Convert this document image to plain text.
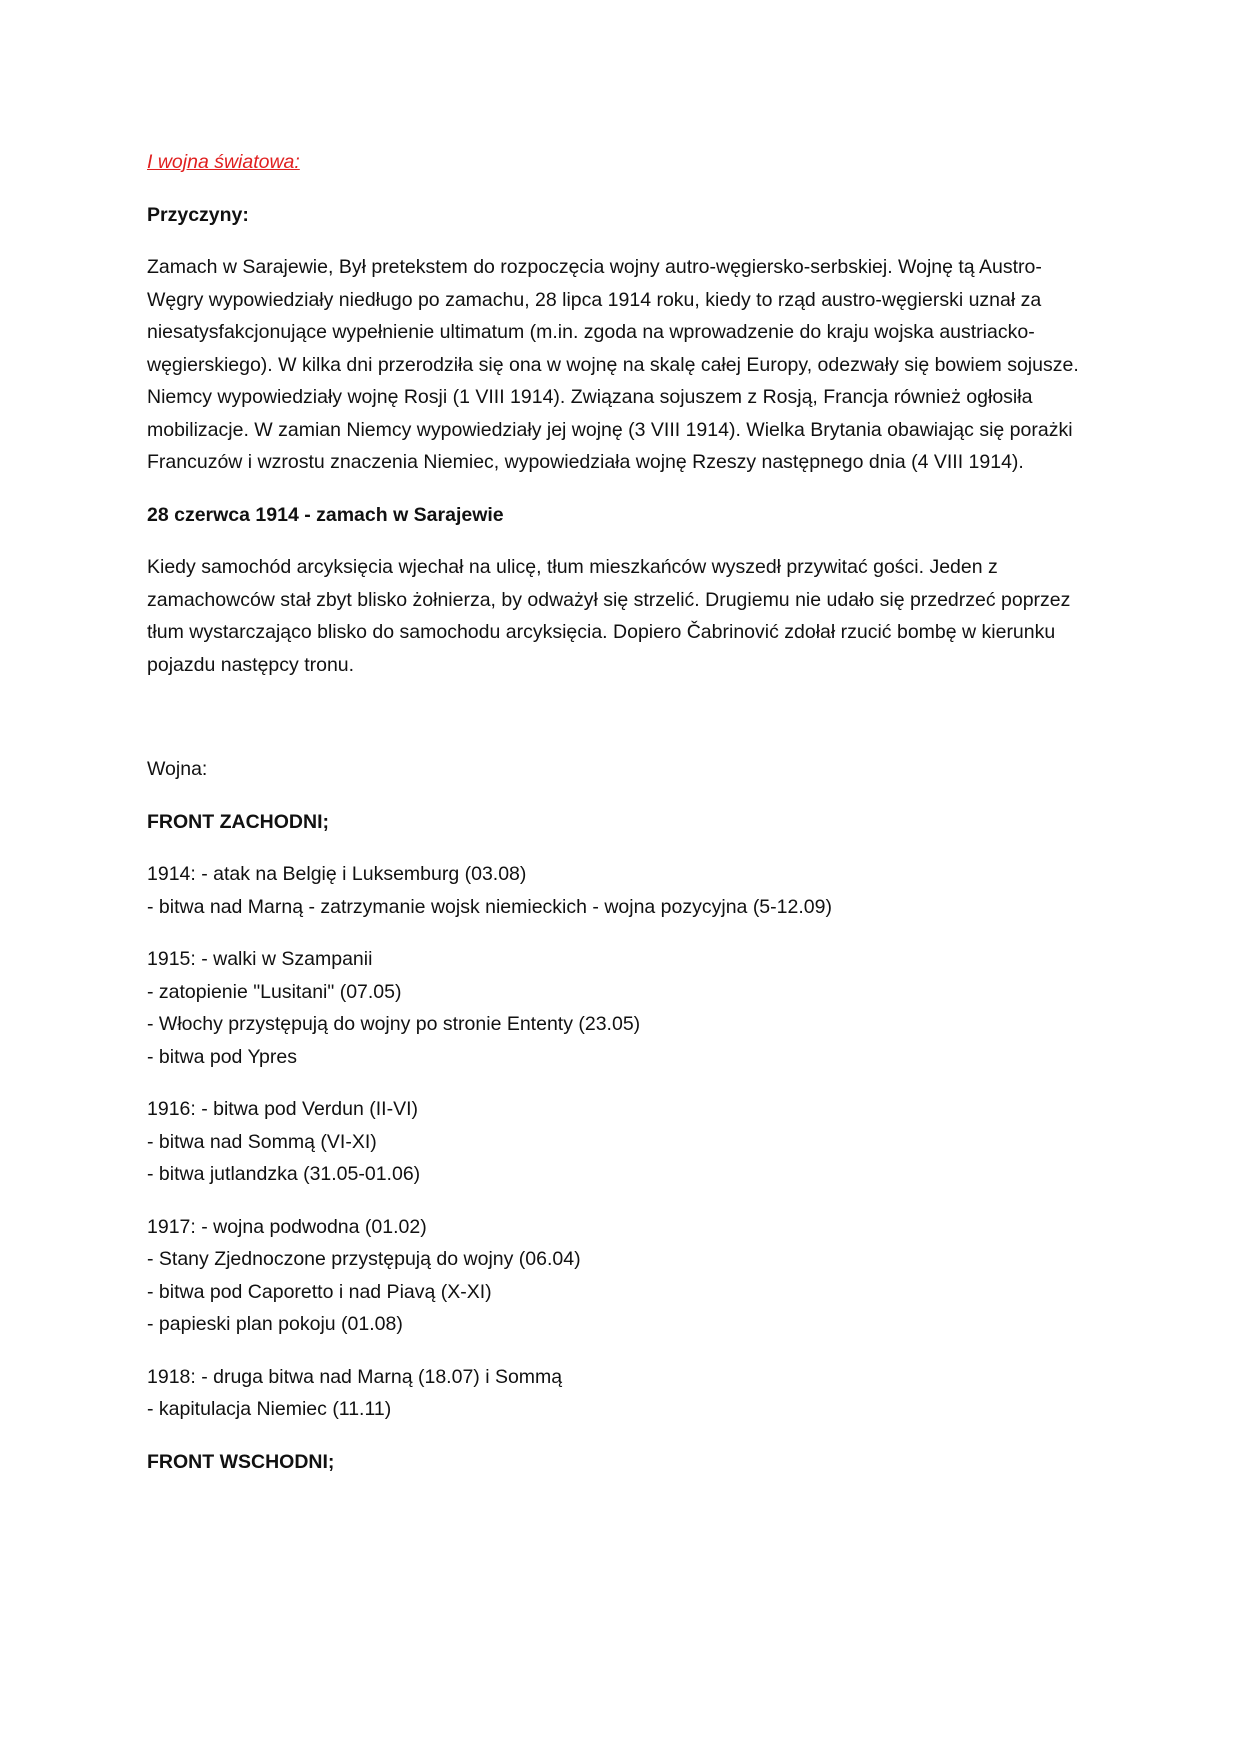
I wojna światowa:
Przyczyny:
Zamach w Sarajewie, Był pretekstem do rozpoczęcia wojny autro-węgiersko-serbskiej. Wojnę tą Austro-Węgry wypowiedziały niedługo po zamachu, 28 lipca 1914 roku, kiedy to rząd austro-węgierski uznał za niesatysfakcjonujące wypełnienie ultimatum (m.in. zgoda na wprowadzenie do kraju wojska austriacko-węgierskiego). W kilka dni przerodziła się ona w wojnę na skalę całej Europy, odezwały się bowiem sojusze. Niemcy wypowiedziały wojnę Rosji (1 VIII 1914). Związana sojuszem z Rosją, Francja również ogłosiła mobilizacje. W zamian Niemcy wypowiedziały jej wojnę (3 VIII 1914). Wielka Brytania obawiając się porażki Francuzów i wzrostu znaczenia Niemiec, wypowiedziała wojnę Rzeszy następnego dnia (4 VIII 1914).
28 czerwca 1914 - zamach w Sarajewie
Kiedy samochód arcyksięcia wjechał na ulicę, tłum mieszkańców wyszedł przywitać gości. Jeden z zamachowców stał zbyt blisko żołnierza, by odważył się strzelić. Drugiemu nie udało się przedrzeć poprzez tłum wystarczająco blisko do samochodu arcyksięcia. Dopiero Čabrinović zdołał rzucić bombę w kierunku pojazdu następcy tronu.
Wojna:
FRONT ZACHODNI;
1914: - atak na Belgię i Luksemburg (03.08)
- bitwa nad Marną - zatrzymanie wojsk niemieckich - wojna pozycyjna (5-12.09)
1915: - walki w Szampanii
- zatopienie "Lusitani" (07.05)
- Włochy przystępują do wojny po stronie Ententy (23.05)
- bitwa pod Ypres
1916: - bitwa pod Verdun (II-VI)
- bitwa nad Sommą (VI-XI)
- bitwa jutlandzka (31.05-01.06)
1917: - wojna podwodna (01.02)
- Stany Zjednoczone przystępują do wojny (06.04)
- bitwa pod Caporetto i nad Piavą (X-XI)
- papieski plan pokoju (01.08)
1918: - druga bitwa nad Marną (18.07) i Sommą
- kapitulacja Niemiec (11.11)
FRONT WSCHODNI;
